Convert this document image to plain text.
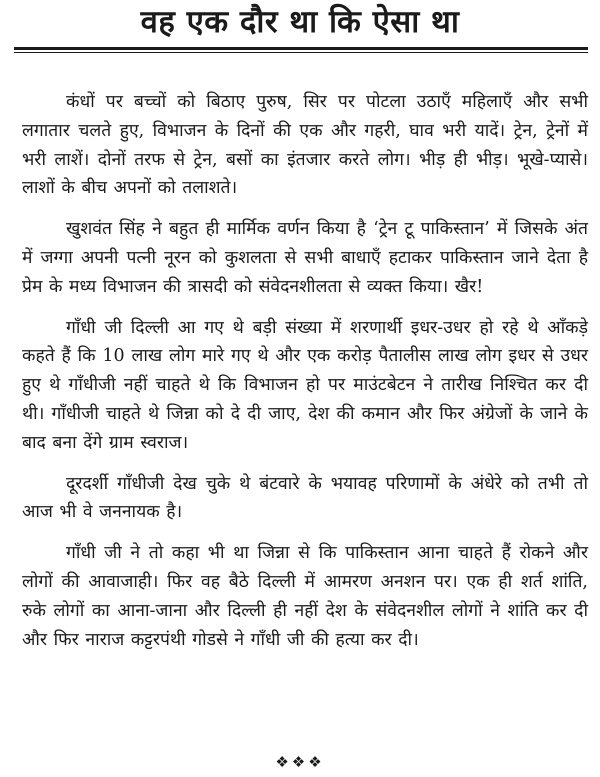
वह एक दौर था कि ऐसा था

कंधों पर बच्चों को बिठाए पुरुष, सिर पर पोटला उठाएँ महिलाएँ और सभी लगातार चलते हुए, विभाजन के दिनों की एक और गहरी, घाव भरी यादें। ट्रेन, ट्रेनों में भरी लाशें। दोनों तरफ से ट्रेन, बसों का इंतजार करते लोग। भीड़ ही भीड़। भूखे-प्यासे। लाशों के बीच अपनों को तलाशते।

खुशवंत सिंह ने बहुत ही मार्मिक वर्णन किया है ‘ट्रेन टू पाकिस्तान’ में जिसके अंत में जग्गा अपनी पत्नी नूरन को कुशलता से सभी बाधाएँ हटाकर पाकिस्तान जाने देता है प्रेम के मध्य विभाजन की त्रासदी को संवेदनशीलता से व्यक्त किया। खैर!

गाँधी जी दिल्ली आ गए थे बड़ी संख्या में शरणार्थी इधर-उधर हो रहे थे आँकड़े कहते हैं कि 10 लाख लोग मारे गए थे और एक करोड़ पैतालीस लाख लोग इधर से उधर हुए थे गाँधीजी नहीं चाहते थे कि विभाजन हो पर माउंटबेटन ने तारीख निश्चित कर दी थी। गाँधीजी चाहते थे जिन्ना को दे दी जाए, देश की कमान और फिर अंग्रेजों के जाने के बाद बना देंगे ग्राम स्वराज।

दूरदर्शी गाँधीजी देख चुके थे बंटवारे के भयावह परिणामों के अंधेरे को तभी तो आज भी वे जननायक है।

गाँधी जी ने तो कहा भी था जिन्ना से कि पाकिस्तान आना चाहते हैं रोकने और लोगों की आवाजाही। फिर वह बैठे दिल्ली में आमरण अनशन पर। एक ही शर्त शांति, रुके लोगों का आना-जाना और दिल्ली ही नहीं देश के संवेदनशील लोगों ने शांति कर दी और फिर नाराज कट्टरपंथी गोडसे ने गाँधी जी की हत्या कर दी।

❖❖❖
